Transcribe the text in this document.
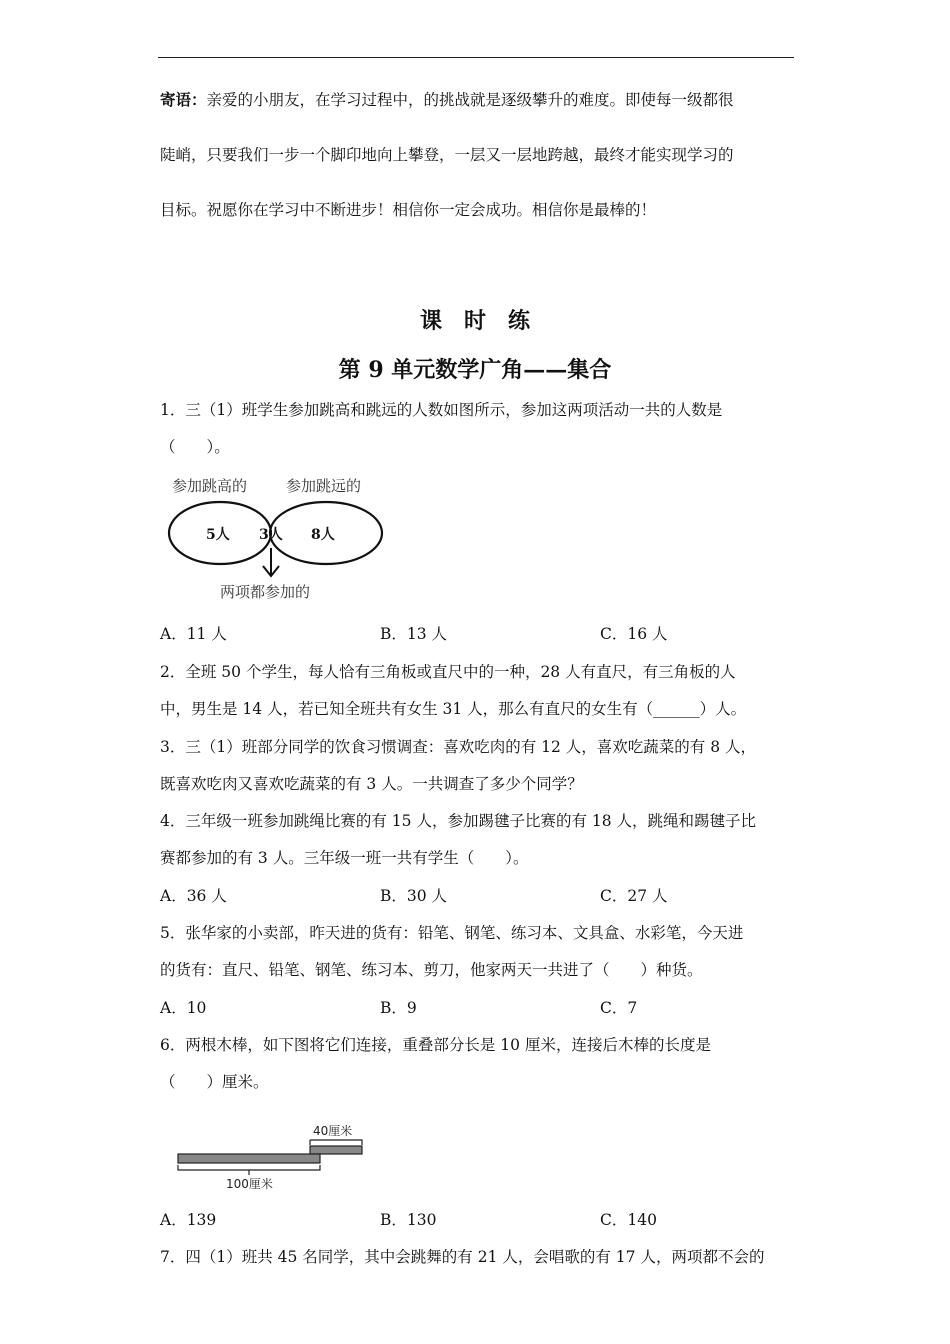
寄语：亲爱的小朋友，在学习过程中，的挑战就是逐级攀升的难度。即使每一级都很
陡峭，只要我们一步一个脚印地向上攀登，一层又一层地跨越，最终才能实现学习的
目标。祝愿你在学习中不断进步！相信你一定会成功。相信你是最棒的！
课时练
第 9 单元数学广角——集合
1．三（1）班学生参加跳高和跳远的人数如图所示，参加这两项活动一共的人数是
（　　）。
参加跳高的	参加跳远的
5人 3人 8人
两项都参加的
A．11 人	B．13 人	C．16 人
2．全班 50 个学生，每人恰有三角板或直尺中的一种，28 人有直尺，有三角板的人
中，男生是 14 人，若已知全班共有女生 31 人，那么有直尺的女生有（______）人。
3．三（1）班部分同学的饮食习惯调查：喜欢吃肉的有 12 人，喜欢吃蔬菜的有 8 人，
既喜欢吃肉又喜欢吃蔬菜的有 3 人。一共调查了多少个同学？
4．三年级一班参加跳绳比赛的有 15 人，参加踢毽子比赛的有 18 人，跳绳和踢毽子比
赛都参加的有 3 人。三年级一班一共有学生（　　）。
A．36 人	B．30 人	C．27 人
5．张华家的小卖部，昨天进的货有：铅笔、钢笔、练习本、文具盒、水彩笔，今天进
的货有：直尺、铅笔、钢笔、练习本、剪刀，他家两天一共进了（　　）种货。
A．10	B．9	C．7
6．两根木棒，如下图将它们连接，重叠部分长是 10 厘米，连接后木棒的长度是
（　　）厘米。
40厘米
100厘米
A．139	B．130	C．140
7．四（1）班共 45 名同学，其中会跳舞的有 21 人，会唱歌的有 17 人，两项都不会的
